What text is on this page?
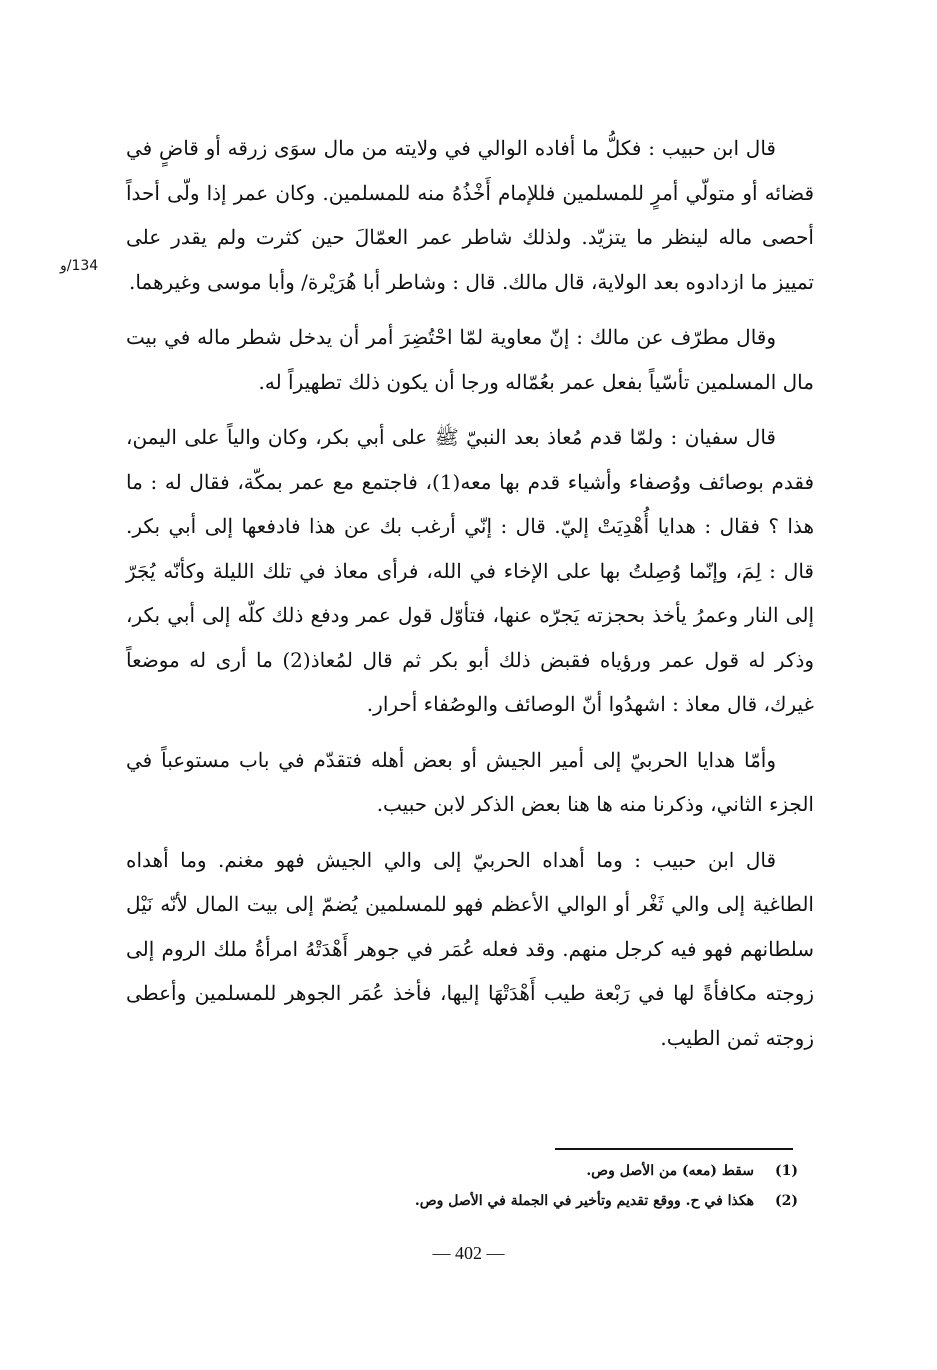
134/و

قال ابن حبيب : فكلُّ ما أفاده الوالي في ولايته من مال سوَى زرقه أو قاضٍ في قضائه أو متولّي أمرٍ للمسلمين فللإمام أَخْذُهُ منه للمسلمين. وكان عمر إذا ولّى أحداً أحصى ماله لينظر ما يتزيّد. ولذلك شاطر عمر العمّالَ حين كثرت ولم يقدر على تمييز ما ازدادوه بعد الولاية، قال مالك. قال : وشاطر أبا هُرَيْرة/ وأبا موسى وغيرهما.

وقال مطرّف عن مالك : إنّ معاوية لمّا احْتُضِرَ أمر أن يدخل شطر ماله في بيت مال المسلمين تأسّياً بفعل عمر بعُمّاله ورجا أن يكون ذلك تطهيراً له.

قال سفيان : ولمّا قدم مُعاذ بعد النبيّ ﷺ على أبي بكر، وكان والياً على اليمن، فقدم بوصائف ووُصفاء وأشياء قدم بها معه(1)، فاجتمع مع عمر بمكّة، فقال له : ما هذا ؟ فقال : هدايا أُهْدِيَتْ إليّ. قال : إنّي أرغب بك عن هذا فادفعها إلى أبي بكر. قال : لِمَ، وإنّما وُصِلتُ بها على الإخاء في الله، فرأى معاذ في تلك الليلة وكأنّه يُجَرّ إلى النار وعمرُ يأخذ بحجزته يَجرّه عنها، فتأوّل قول عمر ودفع ذلك كلّه إلى أبي بكر، وذكر له قول عمر ورؤياه فقبض ذلك أبو بكر ثم قال لمُعاذ(2) ما أرى له موضعاً غيرك، قال معاذ : اشهدُوا أنّ الوصائف والوصُفاء أحرار.

وأمّا هدايا الحربيّ إلى أمير الجيش أو بعض أهله فتقدّم في باب مستوعباً في الجزء الثاني، وذكرنا منه ها هنا بعض الذكر لابن حبيب.

قال ابن حبيب : وما أهداه الحربيّ إلى والي الجيش فهو مغنم. وما أهداه الطاغية إلى والي ثَغْر أو الوالي الأعظم فهو للمسلمين يُضمّ إلى بيت المال لأنّه نَيْل سلطانهم فهو فيه كرجل منهم. وقد فعله عُمَر في جوهر أَهْدَتْهُ امرأةُ ملك الروم إلى زوجته مكافأةً لها في رَبْعة طيب أَهْدَتْهَا إليها، فأخذ عُمَر الجوهر للمسلمين وأعطى زوجته ثمن الطيب.

(1)
سقط (معه) من الأصل وص.
(2)
هكذا في ح. ووقع تقديم وتأخير في الجملة في الأصل وص.
— 402 —
